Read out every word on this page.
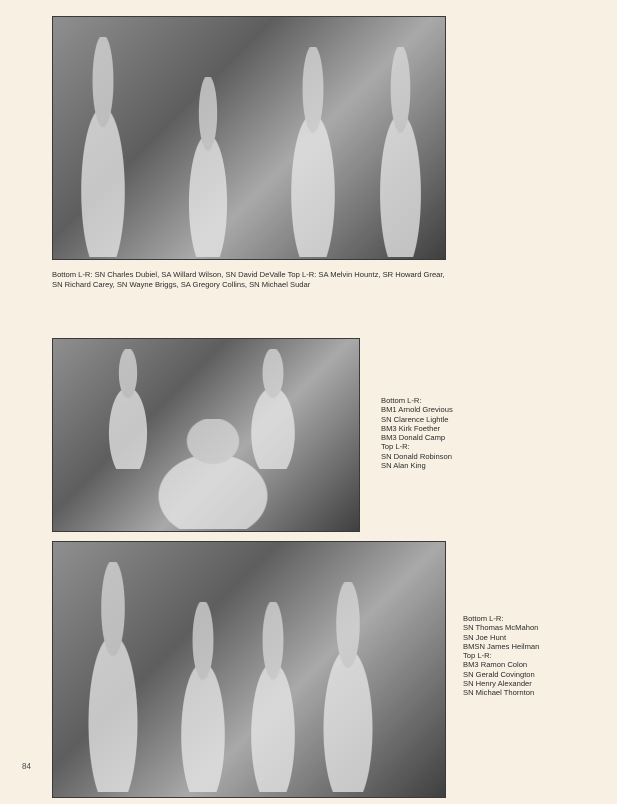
Bottom L-R: SN Charles Dubiel, SA Willard Wilson, SN David DeValle Top L-R: SA Melvin Hountz, SR Howard Grear, SN Richard Carey, SN Wayne Briggs, SA Gregory Collins, SN Michael Sudar
Bottom L-R:
BM1 Arnold Grevious
SN Clarence Lightle
BM3 Kirk Foether
BM3 Donald Camp
Top L-R:
SN Donald Robinson
SN Alan King
Bottom L-R:
SN Thomas McMahon
SN Joe Hunt
BMSN James Heilman
Top L-R:
BM3 Ramon Colon
SN Gerald Covington
SN Henry Alexander
SN Michael Thornton
84
